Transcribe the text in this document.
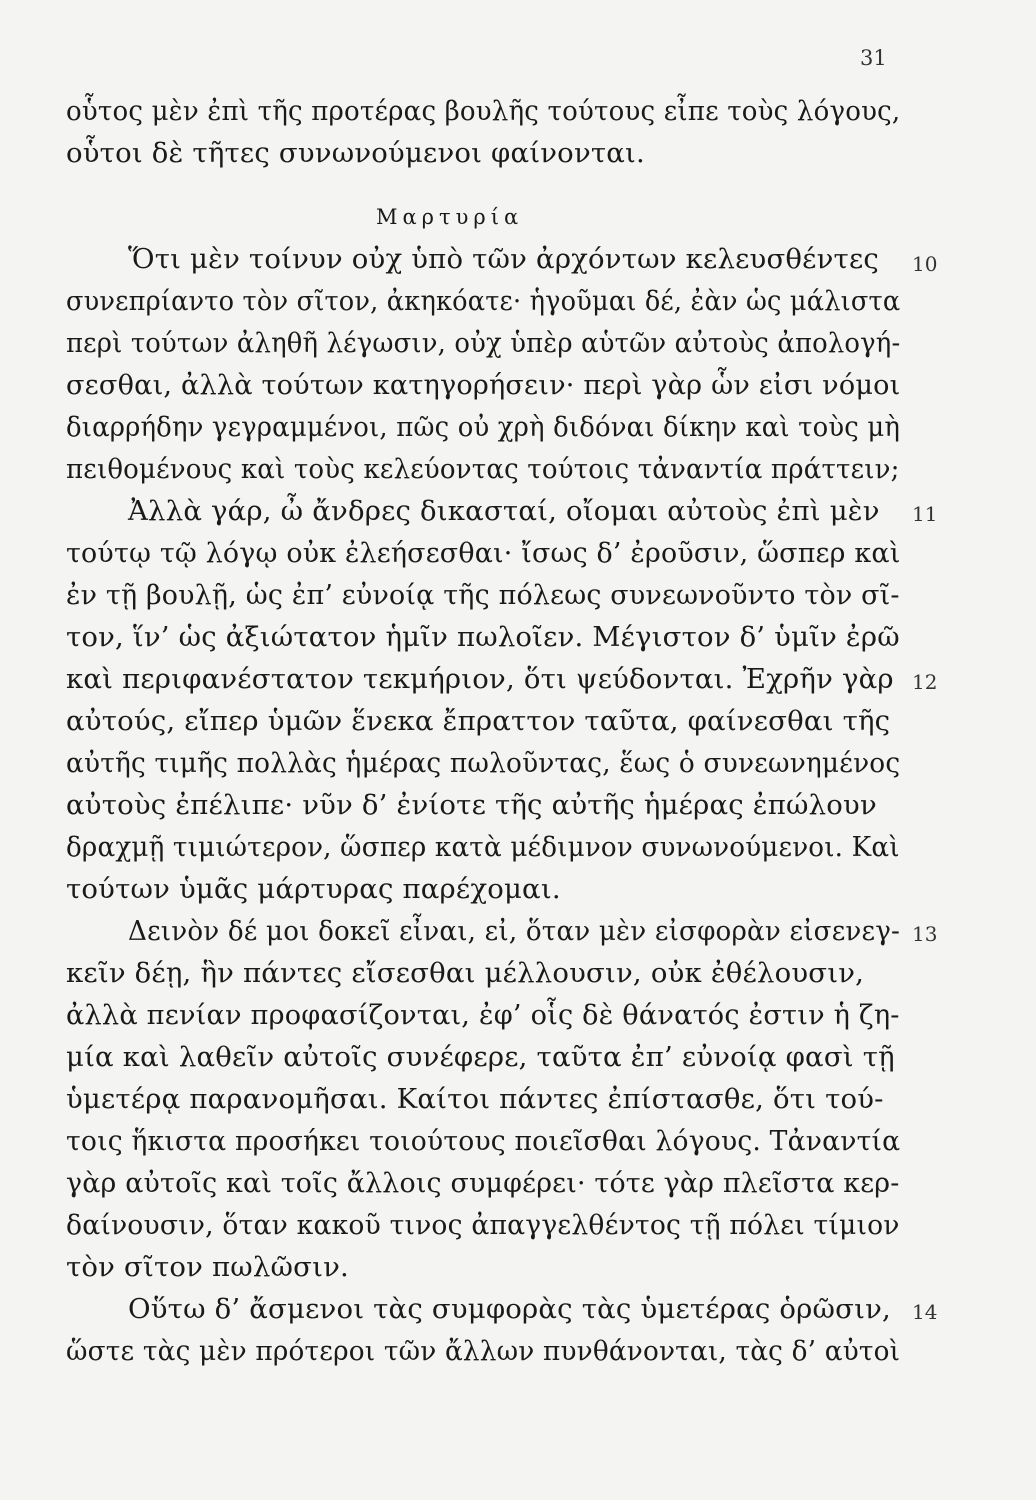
31
οὗτος μὲν ἐπὶ τῆς προτέρας βουλῆς τούτους εἶπε τοὺς λόγους,
οὗτοι δὲ τῆτες συνωνούμενοι φαίνονται.
Μαρτυρία
Ὅτι μὲν τοίνυν οὐχ ὑπὸ τῶν ἀρχόντων κελευσθέντες 10
συνεπρίαντο τὸν σῖτον, ἀκηκόατε· ἡγοῦμαι δέ, ἐὰν ὡς μάλιστα
περὶ τούτων ἀληθῆ λέγωσιν, οὐχ ὑπὲρ αὑτῶν αὐτοὺς ἀπολογή-
σεσθαι, ἀλλὰ τούτων κατηγορήσειν· περὶ γὰρ ὧν εἰσι νόμοι
διαρρήδην γεγραμμένοι, πῶς οὐ χρὴ διδόναι δίκην καὶ τοὺς μὴ
πειθομένους καὶ τοὺς κελεύοντας τούτοις τἀναντία πράττειν;
Ἀλλὰ γάρ, ὦ ἄνδρες δικασταί, οἴομαι αὐτοὺς ἐπὶ μὲν 11
τούτῳ τῷ λόγῳ οὐκ ἐλεήσεσθαι· ἴσως δ’ ἐροῦσιν, ὥσπερ καὶ
ἐν τῇ βουλῇ, ὡς ἐπ’ εὐνοίᾳ τῆς πόλεως συνεωνοῦντο τὸν σῖ-
τον, ἵν’ ὡς ἀξιώτατον ἡμῖν πωλοῖεν. Μέγιστον δ’ ὑμῖν ἐρῶ
καὶ περιφανέστατον τεκμήριον, ὅτι ψεύδονται. Ἐχρῆν γὰρ 12
αὐτούς, εἴπερ ὑμῶν ἕνεκα ἔπραττον ταῦτα, φαίνεσθαι τῆς
αὐτῆς τιμῆς πολλὰς ἡμέρας πωλοῦντας, ἕως ὁ συνεωνημένος
αὐτοὺς ἐπέλιπε· νῦν δ’ ἐνίοτε τῆς αὐτῆς ἡμέρας ἐπώλουν
δραχμῇ τιμιώτερον, ὥσπερ κατὰ μέδιμνον συνωνούμενοι. Καὶ
τούτων ὑμᾶς μάρτυρας παρέχομαι.
Δεινὸν δέ μοι δοκεῖ εἶναι, εἰ, ὅταν μὲν εἰσφορὰν εἰσενεγ- 13
κεῖν δέῃ, ἣν πάντες εἴσεσθαι μέλλουσιν, οὐκ ἐθέλουσιν,
ἀλλὰ πενίαν προφασίζονται, ἐφ’ οἷς δὲ θάνατός ἐστιν ἡ ζη-
μία καὶ λαθεῖν αὐτοῖς συνέφερε, ταῦτα ἐπ’ εὐνοίᾳ φασὶ τῇ
ὑμετέρᾳ παρανομῆσαι. Καίτοι πάντες ἐπίστασθε, ὅτι τού-
τοις ἥκιστα προσήκει τοιούτους ποιεῖσθαι λόγους. Τἀναντία
γὰρ αὐτοῖς καὶ τοῖς ἄλλοις συμφέρει· τότε γὰρ πλεῖστα κερ-
δαίνουσιν, ὅταν κακοῦ τινος ἀπαγγελθέντος τῇ πόλει τίμιον
τὸν σῖτον πωλῶσιν.
Οὕτω δ’ ἄσμενοι τὰς συμφορὰς τὰς ὑμετέρας ὁρῶσιν, 14
ὥστε τὰς μὲν πρότεροι τῶν ἄλλων πυνθάνονται, τὰς δ’ αὐτοὶ
